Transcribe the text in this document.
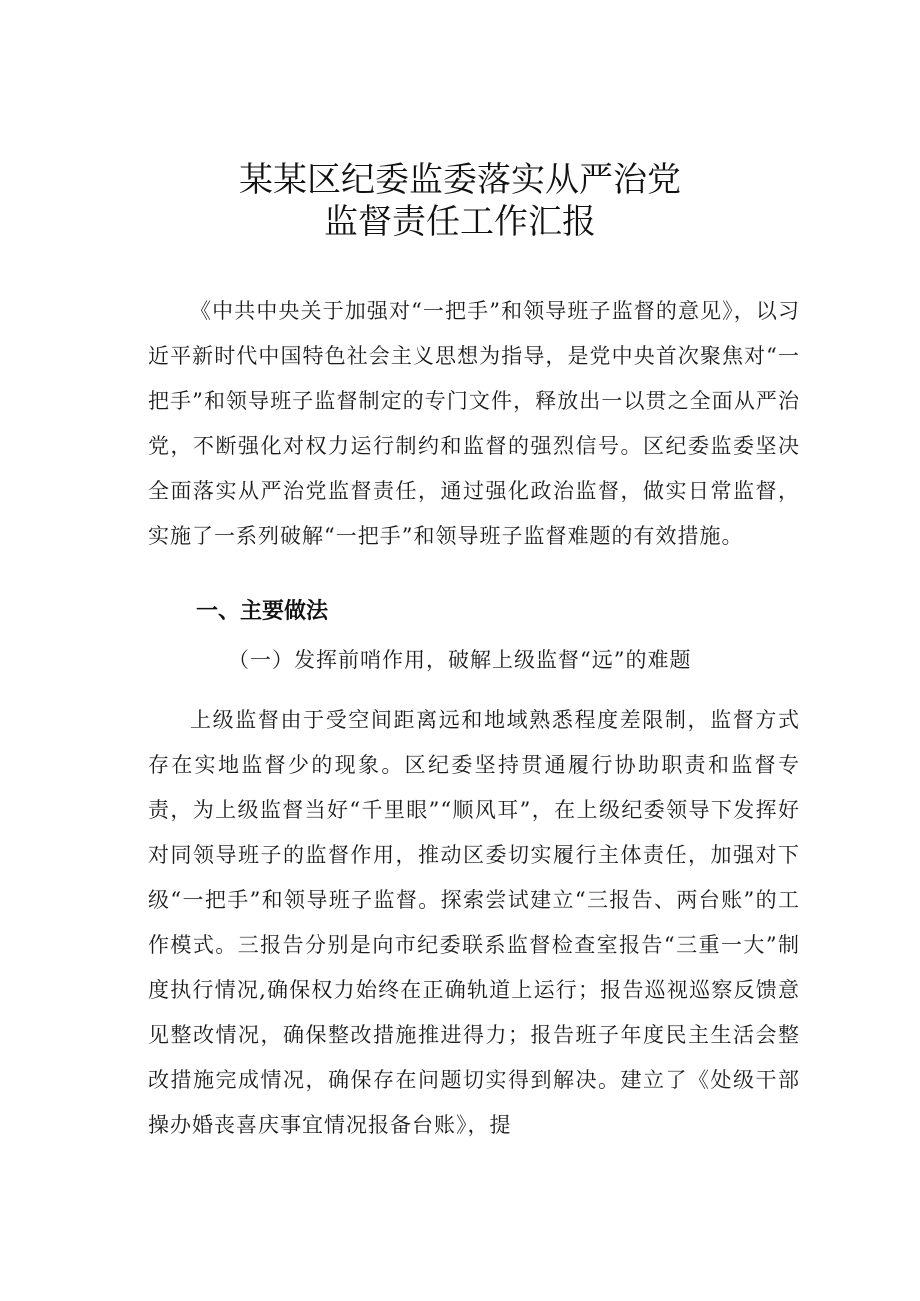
某某区纪委监委落实从严治党
监督责任工作汇报

《中共中央关于加强对“一把手”和领导班子监督的意见》，以习近平新时代中国特色社会主义思想为指导，是党中央首次聚焦对“一把手”和领导班子监督制定的专门文件，释放出一以贯之全面从严治党，不断强化对权力运行制约和监督的强烈信号。区纪委监委坚决全面落实从严治党监督责任，通过强化政治监督，做实日常监督，实施了一系列破解“一把手”和领导班子监督难题的有效措施。

一、主要做法
（一）发挥前哨作用，破解上级监督“远”的难题

上级监督由于受空间距离远和地域熟悉程度差限制，监督方式存在实地监督少的现象。区纪委坚持贯通履行协助职责和监督专责，为上级监督当好“千里眼”“顺风耳”，在上级纪委领导下发挥好对同领导班子的监督作用，推动区委切实履行主体责任，加强对下级“一把手”和领导班子监督。探索尝试建立“三报告、两台账”的工作模式。三报告分别是向市纪委联系监督检查室报告“三重一大”制度执行情况,确保权力始终在正确轨道上运行；报告巡视巡察反馈意见整改情况，确保整改措施推进得力；报告班子年度民主生活会整改措施完成情况，确保存在问题切实得到解决。建立了《处级干部操办婚丧喜庆事宜情况报备台账》，提
